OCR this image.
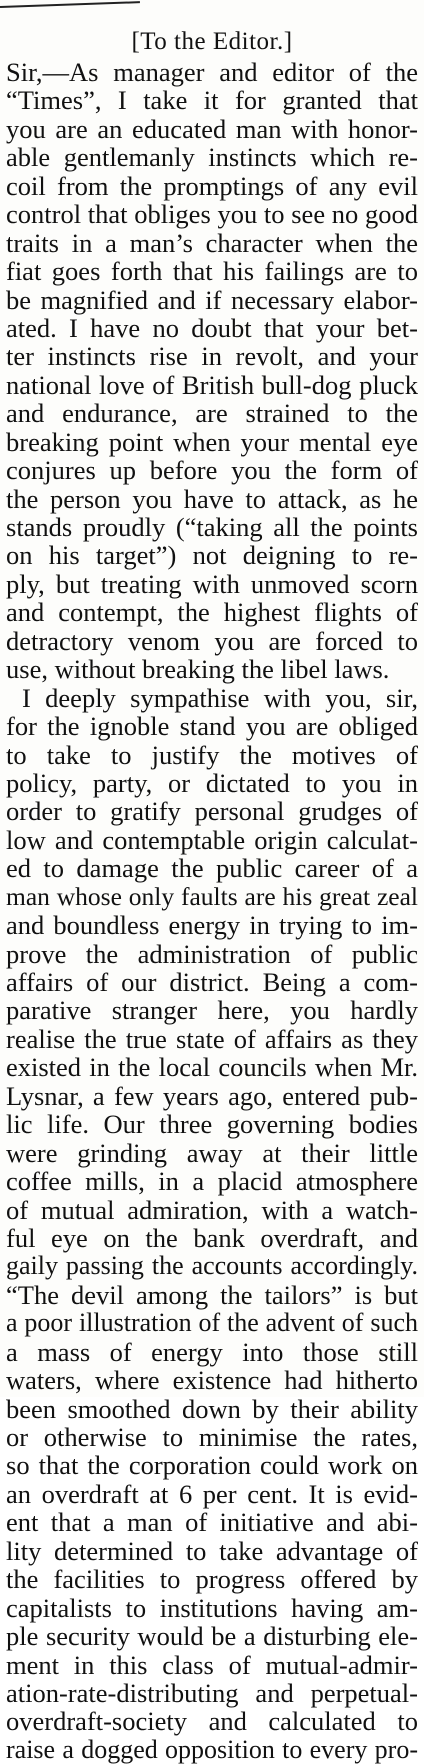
[To the Editor.]
Sir,—As manager and editor of the
“Times”, I take it for granted that
you are an educated man with honor-
able gentlemanly instincts which re-
coil from the promptings of any evil
control that obliges you to see no good
traits in a man’s character when the
fiat goes forth that his failings are to
be magnified and if necessary elabor-
ated. I have no doubt that your bet-
ter instincts rise in revolt, and your
national love of British bull-dog pluck
and endurance, are strained to the
breaking point when your mental eye
conjures up before you the form of
the person you have to attack, as he
stands proudly (“taking all the points
on his target”) not deigning to re-
ply, but treating with unmoved scorn
and contempt, the highest flights of
detractory venom you are forced to
use, without breaking the libel laws.
I deeply sympathise with you, sir,
for the ignoble stand you are obliged
to take to justify the motives of
policy, party, or dictated to you in
order to gratify personal grudges of
low and contemptable origin calculat-
ed to damage the public career of a
man whose only faults are his great zeal
and boundless energy in trying to im-
prove the administration of public
affairs of our district. Being a com-
parative stranger here, you hardly
realise the true state of affairs as they
existed in the local councils when Mr.
Lysnar, a few years ago, entered pub-
lic life. Our three governing bodies
were grinding away at their little
coffee mills, in a placid atmosphere
of mutual admiration, with a watch-
ful eye on the bank overdraft, and
gaily passing the accounts accordingly.
“The devil among the tailors” is but
a poor illustration of the advent of such
a mass of energy into those still
waters, where existence had hitherto
been smoothed down by their ability
or otherwise to minimise the rates,
so that the corporation could work on
an overdraft at 6 per cent. It is evid-
ent that a man of initiative and abi-
lity determined to take advantage of
the facilities to progress offered by
capitalists to institutions having am-
ple security would be a disturbing ele-
ment in this class of mutual-admir-
ation-rate-distributing and perpetual-
overdraft-society and calculated to
raise a dogged opposition to every pro-
